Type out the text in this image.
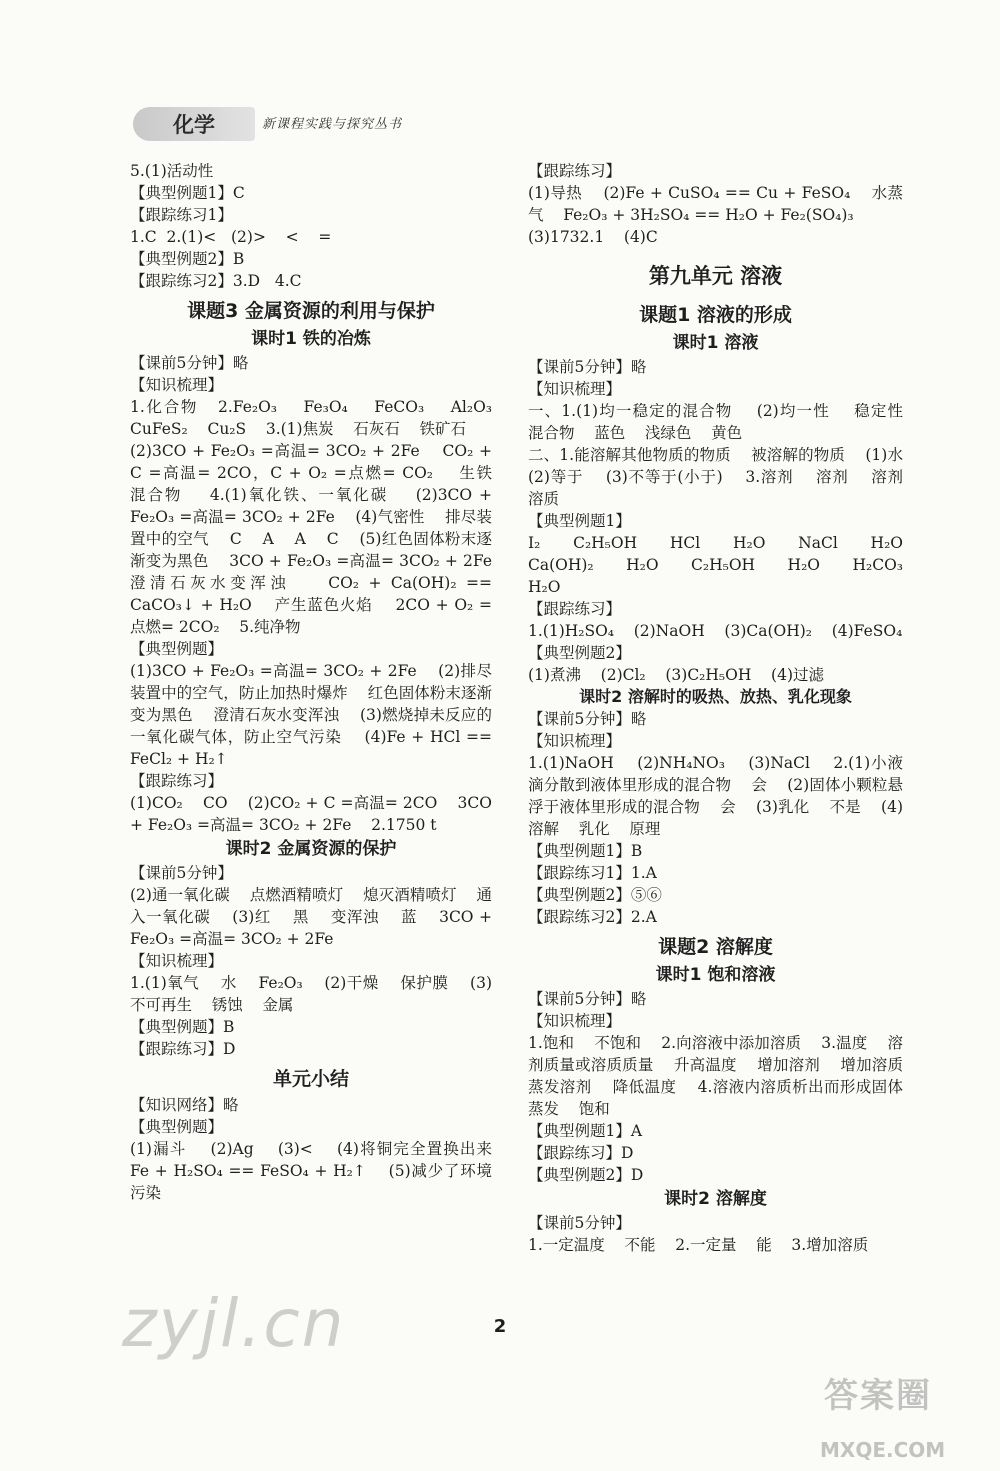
化学	新课程实践与探究丛书
5.(1)活动性
【典型例题1】C
【跟踪练习1】
1.C  2.(1)<   (2)>    <    =
【典型例题2】B
【跟踪练习2】3.D   4.C
课题3 金属资源的利用与保护
课时1 铁的冶炼
【课前5分钟】略
【知识梳理】
1.化合物   2.Fe₂O₃    Fe₃O₄    FeCO₃    Al₂O₃    CuFeS₂    Cu₂S    3.(1)焦炭    石灰石    铁矿石
(2)3CO + Fe₂O₃ =高温= 3CO₂ + 2Fe    CO₂ + C =高温= 2CO，C + O₂ =点燃= CO₂    生铁    混合物    4.(1)氧化铁、一氧化碳    (2)3CO + Fe₂O₃ =高温= 3CO₂ + 2Fe    (4)气密性    排尽装置中的空气    C    A    A    C    (5)红色固体粉末逐渐变为黑色    3CO + Fe₂O₃ =高温= 3CO₂ + 2Fe    澄清石灰水变浑浊    CO₂ + Ca(OH)₂ == CaCO₃↓ + H₂O    产生蓝色火焰    2CO + O₂ =点燃= 2CO₂    5.纯净物
【典型例题】
(1)3CO + Fe₂O₃ =高温= 3CO₂ + 2Fe    (2)排尽装置中的空气，防止加热时爆炸    红色固体粉末逐渐变为黑色    澄清石灰水变浑浊    (3)燃烧掉未反应的一氧化碳气体，防止空气污染    (4)Fe + HCl == FeCl₂ + H₂↑
【跟踪练习】
(1)CO₂    CO    (2)CO₂ + C =高温= 2CO    3CO + Fe₂O₃ =高温= 3CO₂ + 2Fe    2.1750 t
课时2 金属资源的保护
【课前5分钟】
(2)通一氧化碳    点燃酒精喷灯    熄灭酒精喷灯    通入一氧化碳    (3)红    黑    变浑浊    蓝    3CO + Fe₂O₃ =高温= 3CO₂ + 2Fe
【知识梳理】
1.(1)氧气    水    Fe₂O₃    (2)干燥    保护膜    (3)不可再生    锈蚀    金属
【典型例题】B
【跟踪练习】D
单元小结
【知识网络】略
【典型例题】
(1)漏斗    (2)Ag    (3)<    (4)将铜完全置换出来    Fe + H₂SO₄ == FeSO₄ + H₂↑    (5)减少了环境污染
【跟踪练习】
(1)导热    (2)Fe + CuSO₄ == Cu + FeSO₄    水蒸气    Fe₂O₃ + 3H₂SO₄ == H₂O + Fe₂(SO₄)₃
(3)1732.1    (4)C
第九单元 溶液
课题1 溶液的形成
课时1 溶液
【课前5分钟】略
【知识梳理】
一、1.(1)均一稳定的混合物    (2)均一性    稳定性    混合物    蓝色    浅绿色    黄色
二、1.能溶解其他物质的物质    被溶解的物质    (1)水    (2)等于    (3)不等于(小于)    3.溶剂    溶剂    溶剂    溶质
【典型例题1】
I₂    C₂H₅OH    HCl    H₂O    NaCl    H₂O    Ca(OH)₂    H₂O    C₂H₅OH    H₂O    H₂CO₃    H₂O
【跟踪练习】
1.(1)H₂SO₄    (2)NaOH    (3)Ca(OH)₂    (4)FeSO₄
【典型例题2】
(1)煮沸    (2)Cl₂    (3)C₂H₅OH    (4)过滤
课时2 溶解时的吸热、放热、乳化现象
【课前5分钟】略
【知识梳理】
1.(1)NaOH    (2)NH₄NO₃    (3)NaCl    2.(1)小液滴分散到液体里形成的混合物    会    (2)固体小颗粒悬浮于液体里形成的混合物    会    (3)乳化    不是    (4)溶解    乳化    原理
【典型例题1】B
【跟踪练习1】1.A
【典型例题2】⑤⑥
【跟踪练习2】2.A
课题2 溶解度
课时1 饱和溶液
【课前5分钟】略
【知识梳理】
1.饱和    不饱和    2.向溶液中添加溶质    3.温度    溶剂质量或溶质质量    升高温度    增加溶剂    增加溶质    蒸发溶剂    降低温度    4.溶液内溶质析出而形成固体蒸发    饱和
【典型例题1】A
【跟踪练习】D
【典型例题2】D
课时2 溶解度
【课前5分钟】
1.一定温度    不能    2.一定量    能    3.增加溶质
2
zyjl.cn
答案圈
MXQE.COM
